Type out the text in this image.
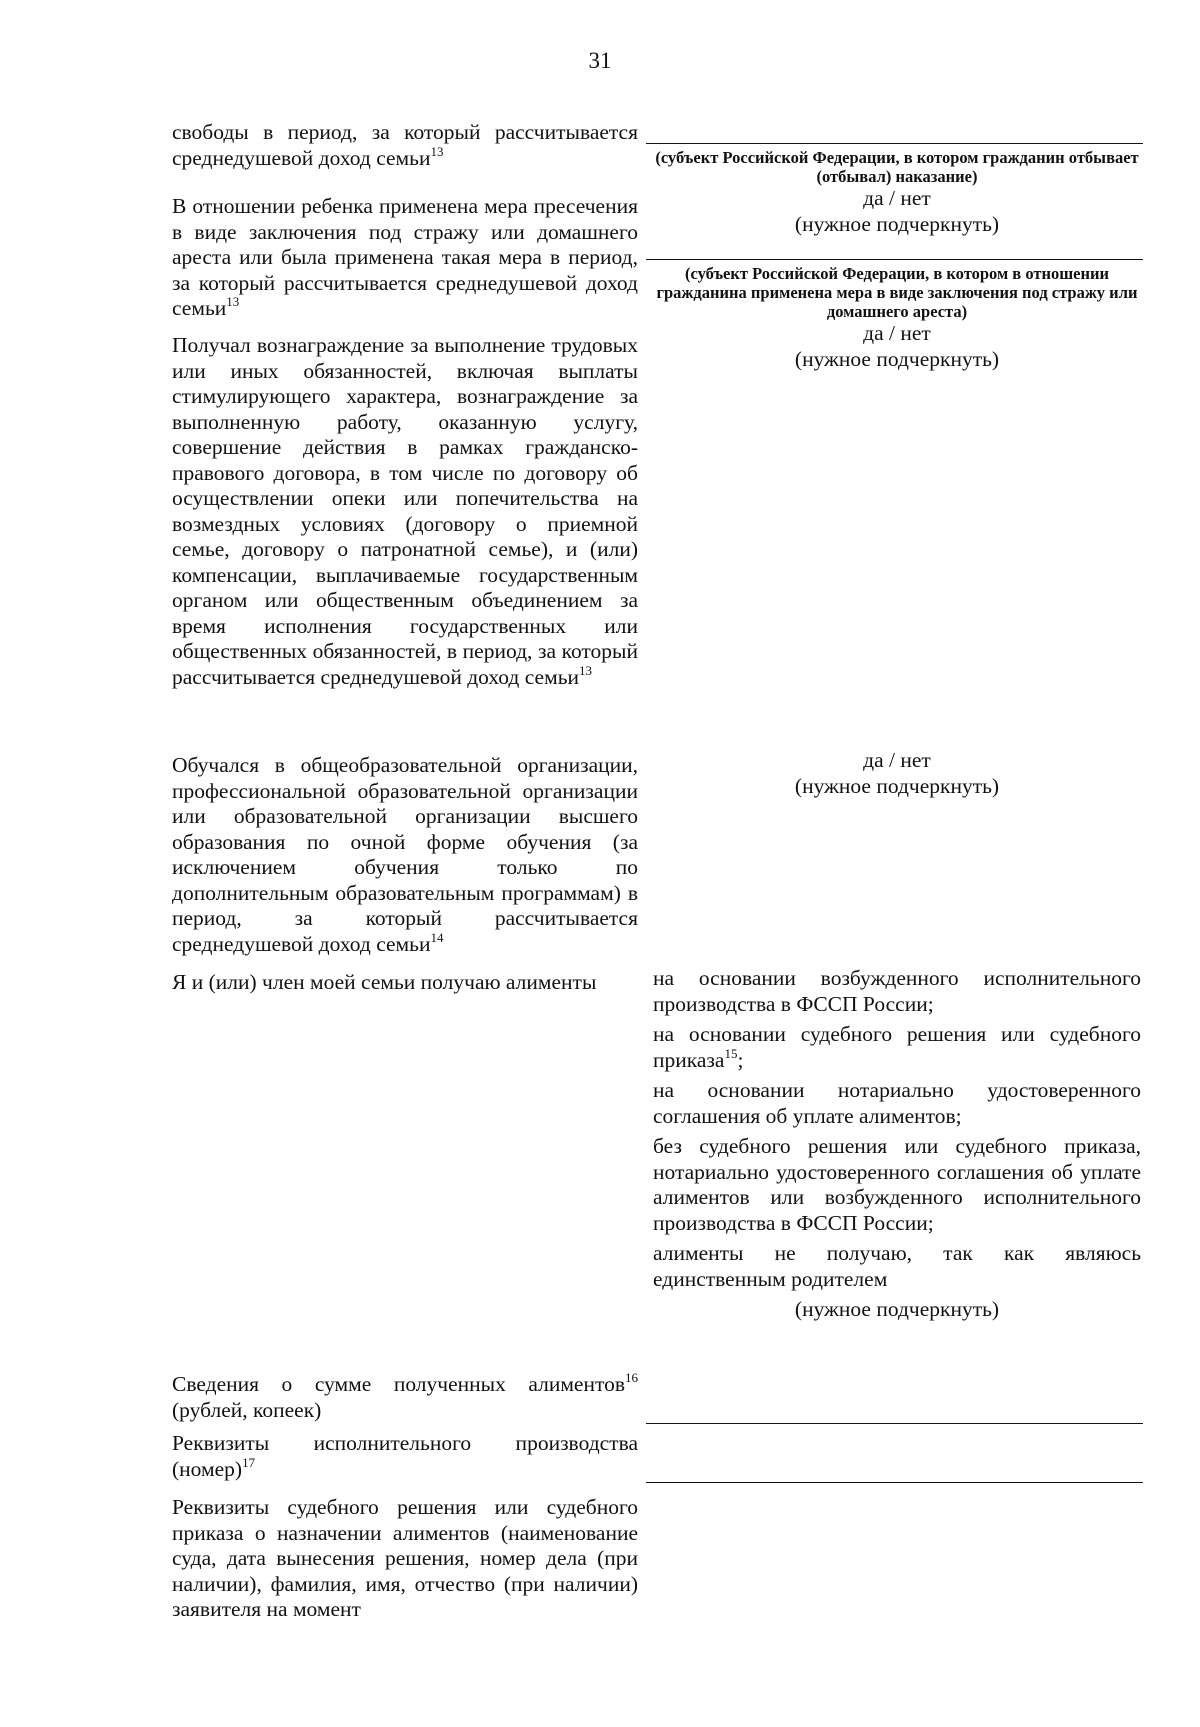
31
свободы в период, за который рассчитывается среднедушевой доход семьи$^{13}$	(субъект Российской Федерации, в котором гражданин отбывает (отбывал) наказание)
да / нет
(нужное подчеркнуть)
В отношении ребенка применена мера пресечения в виде заключения под стражу или домашнего ареста или была применена такая мера в период, за который рассчитывается среднедушевой доход семьи$^{13}$
(субъект Российской Федерации, в котором в отношении гражданина применена мера в виде заключения под стражу или домашнего ареста)
да / нет
(нужное подчеркнуть)
Получал вознаграждение за выполнение трудовых или иных обязанностей, включая выплаты стимулирующего характера, вознаграждение за выполненную работу, оказанную услугу, совершение действия в рамках гражданско-правового договора, в том числе по договору об осуществлении опеки или попечительства на возмездных условиях (договору о приемной семье, договору о патронатной семье), и (или) компенсации, выплачиваемые государственным органом или общественным объединением за время исполнения государственных или общественных обязанностей, в период, за который рассчитывается среднедушевой доход семьи$^{13}$
Обучался в общеобразовательной организации, профессиональной образовательной организации или образовательной организации высшего образования по очной форме обучения (за исключением обучения только по дополнительным образовательным программам) в период, за который рассчитывается среднедушевой доход семьи$^{14}$
да / нет
(нужное подчеркнуть)
Я и (или) член моей семьи получаю алименты	на основании возбужденного исполнительного производства в ФССП России;
на основании судебного решения или судебного приказа$^{15}$;
на основании нотариально удостоверенного соглашения об уплате алиментов;
без судебного решения или судебного приказа, нотариально удостоверенного соглашения об уплате алиментов или возбужденного исполнительного производства в ФССП России;
алименты не получаю, так как являюсь единственным родителем
(нужное подчеркнуть)
Сведения о сумме полученных алиментов$^{16}$ (рублей, копеек)
Реквизиты исполнительного производства (номер)$^{17}$
Реквизиты судебного решения или судебного приказа о назначении алиментов (наименование суда, дата вынесения решения, номер дела (при наличии), фамилия, имя, отчество (при наличии) заявителя на момент
